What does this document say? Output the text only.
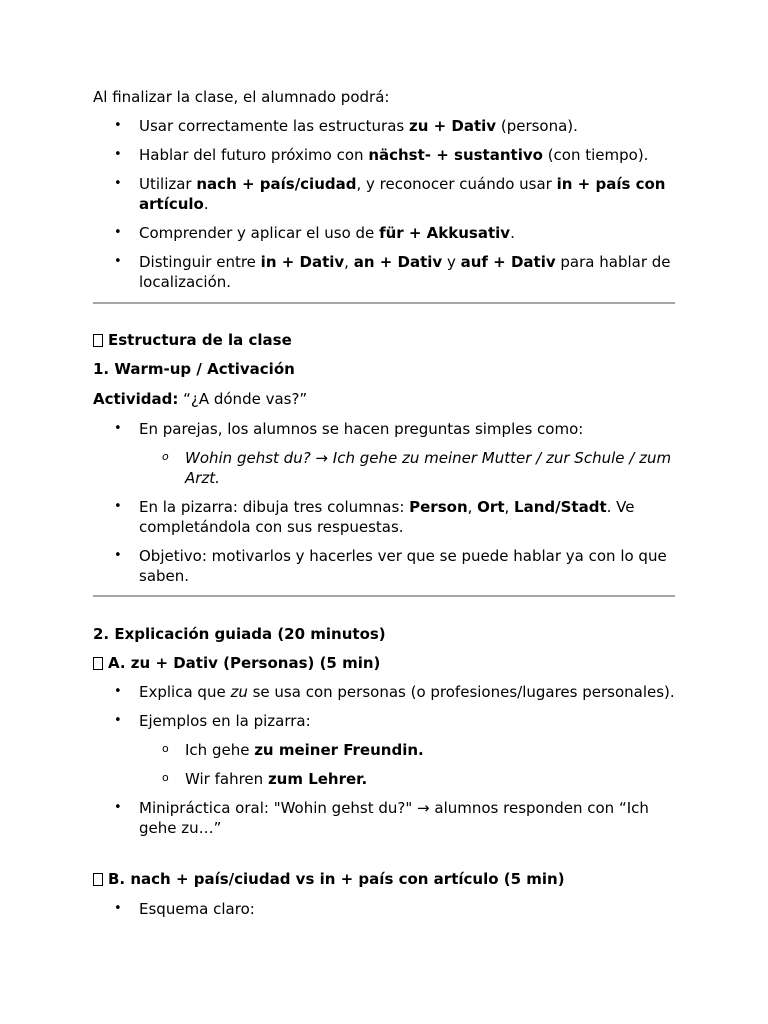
Al finalizar la clase, el alumnado podrá:

• Usar correctamente las estructuras zu + Dativ (persona).
• Hablar del futuro próximo con nächst- + sustantivo (con tiempo).
• Utilizar nach + país/ciudad, y reconocer cuándo usar in + país con artículo.
• Comprender y aplicar el uso de für + Akkusativ.
• Distinguir entre in + Dativ, an + Dativ y auf + Dativ para hablar de localización.

Estructura de la clase

1. Warm-up / Activación

Actividad: “¿A dónde vas?”

• En parejas, los alumnos se hacen preguntas simples como:
o Wohin gehst du? → Ich gehe zu meiner Mutter / zur Schule / zum Arzt.
• En la pizarra: dibuja tres columnas: Person, Ort, Land/Stadt. Ve completándola con sus respuestas.
• Objetivo: motivarlos y hacerles ver que se puede hablar ya con lo que saben.

2. Explicación guiada (20 minutos)

A. zu + Dativ (Personas) (5 min)

• Explica que zu se usa con personas (o profesiones/lugares personales).
• Ejemplos en la pizarra:
o Ich gehe zu meiner Freundin.
o Wir fahren zum Lehrer.
• Minipráctica oral: "Wohin gehst du?" → alumnos responden con “Ich gehe zu…”

B. nach + país/ciudad vs in + país con artículo (5 min)

• Esquema claro:
